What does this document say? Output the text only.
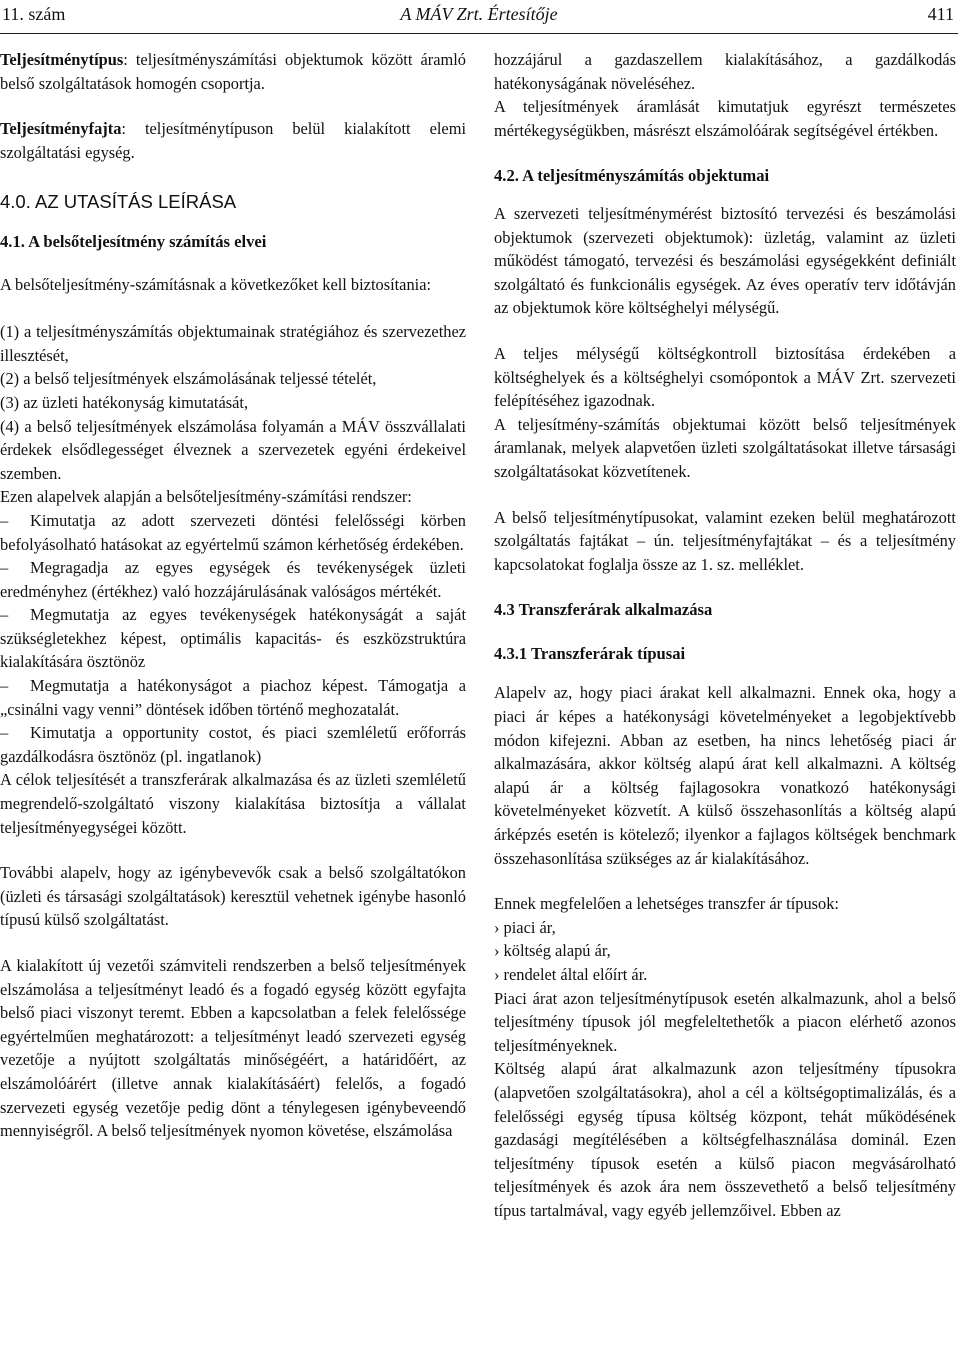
11. szám	A MÁV Zrt. Értesítője	411

Teljesítménytípus: teljesítményszámítási objektumok között áramló belső szolgáltatások homogén csoportja.

Teljesítményfajta: teljesítménytípuson belül kialakított elemi szolgáltatási egység.

4.0. AZ UTASÍTÁS LEÍRÁSA

4.1. A belsőteljesítmény számítás elvei

A belsőteljesítmény-számításnak a következőket kell biztosítania:

(1) a teljesítményszámítás objektumainak stratégiához és szervezethez illesztését,

(2) a belső teljesítmények elszámolásának teljessé tételét,

(3) az üzleti hatékonyság kimutatását,

(4) a belső teljesítmények elszámolása folyamán a MÁV összvállalati érdekek elsődlegességet élveznek a szervezetek egyéni érdekeivel szemben.

Ezen alapelvek alapján a belsőteljesítmény-számítási rendszer:

– Kimutatja az adott szervezeti döntési felelősségi körben befolyásolható hatásokat az egyértelmű számon kérhetőség érdekében.

– Megragadja az egyes egységek és tevékenységek üzleti eredményhez (értékhez) való hozzájárulásának valóságos mértékét.

– Megmutatja az egyes tevékenységek hatékonyságát a saját szükségletekhez képest, optimális kapacitás- és eszközstruktúra kialakítására ösztönöz

– Megmutatja a hatékonyságot a piachoz képest. Támogatja a „csinálni vagy venni” döntések időben történő meghozatalát.

– Kimutatja a opportunity costot, és piaci szemléletű erőforrás gazdálkodásra ösztönöz (pl. ingatlanok)

A célok teljesítését a transzferárak alkalmazása és az üzleti szemléletű megrendelő-szolgáltató viszony kialakítása biztosítja a vállalat teljesítményegységei között.

További alapelv, hogy az igénybevevők csak a belső szolgáltatókon (üzleti és társasági szolgáltatások) keresztül vehetnek igénybe hasonló típusú külső szolgáltatást.

A kialakított új vezetői számviteli rendszerben a belső teljesítmények elszámolása a teljesítményt leadó és a fogadó egység között egyfajta belső piaci viszonyt teremt. Ebben a kapcsolatban a felek felelőssége egyértelműen meghatározott: a teljesítményt leadó szervezeti egység vezetője a nyújtott szolgáltatás minőségéért, a határidőért, az elszámolóárért (illetve annak kialakításáért) felelős, a fogadó szervezeti egység vezetője pedig dönt a ténylegesen igénybeveendő mennyiségről. A belső teljesítmények nyomon követése, elszámolása

hozzájárul a gazdaszellem kialakításához, a gazdálkodás hatékonyságának növeléséhez.

A teljesítmények áramlását kimutatjuk egyrészt természetes mértékegységükben, másrészt elszámolóárak segítségével értékben.

4.2. A teljesítményszámítás objektumai

A szervezeti teljesítménymérést biztosító tervezési és beszámolási objektumok (szervezeti objektumok): üzletág, valamint az üzleti működést támogató, tervezési és beszámolási egységekként definiált szolgáltató és funkcionális egységek. Az éves operatív terv időtávján az objektumok köre költséghelyi mélységű.

A teljes mélységű költségkontroll biztosítása érdekében a költséghelyek és a költséghelyi csomópontok a MÁV Zrt. szervezeti felépítéséhez igazodnak.

A teljesítmény-számítás objektumai között belső teljesítmények áramlanak, melyek alapvetően üzleti szolgáltatásokat illetve társasági szolgáltatásokat közvetítenek.

A belső teljesítménytípusokat, valamint ezeken belül meghatározott szolgáltatás fajtákat – ún. teljesítményfajtákat – és a teljesítmény kapcsolatokat foglalja össze az 1. sz. melléklet.

4.3 Transzferárak alkalmazása

4.3.1 Transzferárak típusai

Alapelv az, hogy piaci árakat kell alkalmazni. Ennek oka, hogy a piaci ár képes a hatékonysági követelményeket a legobjektívebb módon kifejezni. Abban az esetben, ha nincs lehetőség piaci ár alkalmazására, akkor költség alapú árat kell alkalmazni. A költség alapú ár a költség fajlagosokra vonatkozó hatékonysági követelményeket közvetít. A külső összehasonlítás a költség alapú árképzés esetén is kötelező; ilyenkor a fajlagos költségek benchmark összehasonlítása szükséges az ár kialakításához.

Ennek megfelelően a lehetséges transzfer ár típusok:

› piaci ár,

› költség alapú ár,

› rendelet által előírt ár.

Piaci árat azon teljesítménytípusok esetén alkalmazunk, ahol a belső teljesítmény típusok jól megfeleltethetők a piacon elérhető azonos teljesítményeknek.

Költség alapú árat alkalmazunk azon teljesítmény típusokra (alapvetően szolgáltatásokra), ahol a cél a költségoptimalizálás, és a felelősségi egység típusa költség központ, tehát működésének gazdasági megítélésében a költségfelhasználása dominál. Ezen teljesítmény típusok esetén a külső piacon megvásárolható teljesítmények és azok ára nem összevethető a belső teljesítmény típus tartalmával, vagy egyéb jellemzőivel. Ebben az
